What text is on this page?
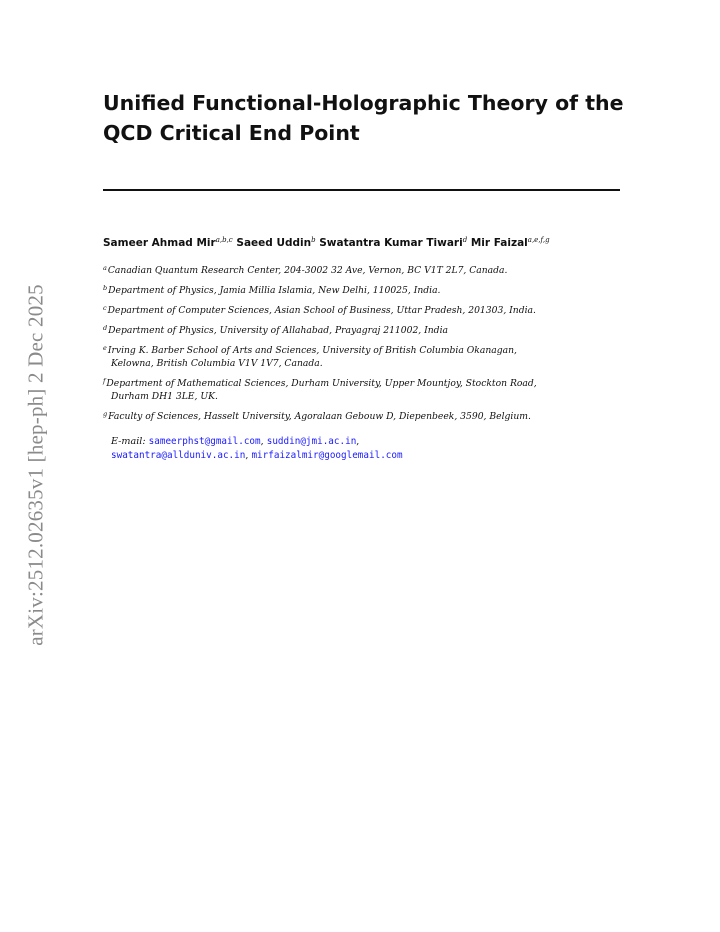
arXiv:2512.02635v1 [hep-ph] 2 Dec 2025
Unified Functional-Holographic Theory of the
QCD Critical End Point
Sameer Ahmad Mir$^{a,b,c}$ Saeed Uddin$^b$ Swatantra Kumar Tiwari$^d$ Mir Faizal$^{a,e,f,g}$
$^a$Canadian Quantum Research Center, 204-3002 32 Ave, Vernon, BC V1T 2L7, Canada.
$^b$Department of Physics, Jamia Millia Islamia, New Delhi, 110025, India.
$^c$Department of Computer Sciences, Asian School of Business, Uttar Pradesh, 201303, India.
$^d$Department of Physics, University of Allahabad, Prayagraj 211002, India
$^e$Irving K. Barber School of Arts and Sciences, University of British Columbia Okanagan,
Kelowna, British Columbia V1V 1V7, Canada.
$^f$Department of Mathematical Sciences, Durham University, Upper Mountjoy, Stockton Road,
Durham DH1 3LE, UK.
$^g$Faculty of Sciences, Hasselt University, Agoralaan Gebouw D, Diepenbeek, 3590, Belgium.
E-mail: sameerphst@gmail.com, suddin@jmi.ac.in,
swatantra@allduniv.ac.in, mirfaizalmir@googlemail.com
